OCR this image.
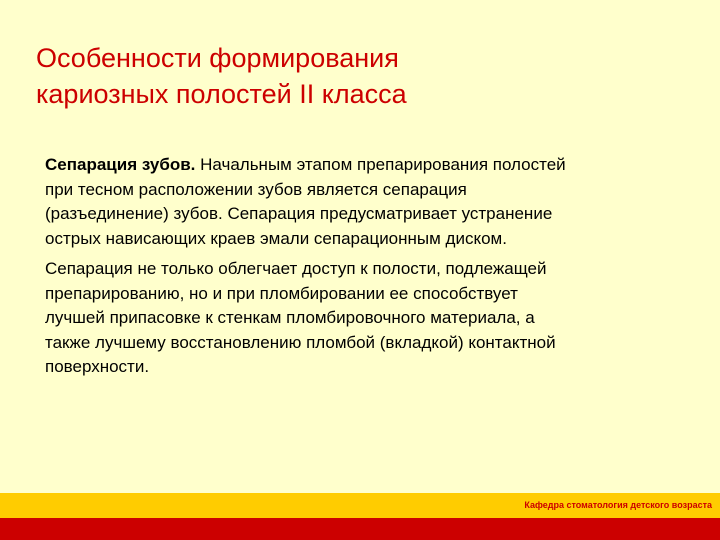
Особенности формирования
кариозных полостей II класса

Сепарация зубов. Начальным этапом препарирования полостей
при тесном расположении зубов является сепарация
(разъединение) зубов. Сепарация предусматривает устранение
острых нависающих краев эмали сепарационным диском.

Сепарация не только облегчает доступ к полости, подлежащей
препарированию, но и при пломбировании ее способствует
лучшей припасовке к стенкам пломбировочного материала, а
также лучшему восстановлению пломбой (вкладкой) контактной
поверхности.

Кафедра стоматология детского возраста
